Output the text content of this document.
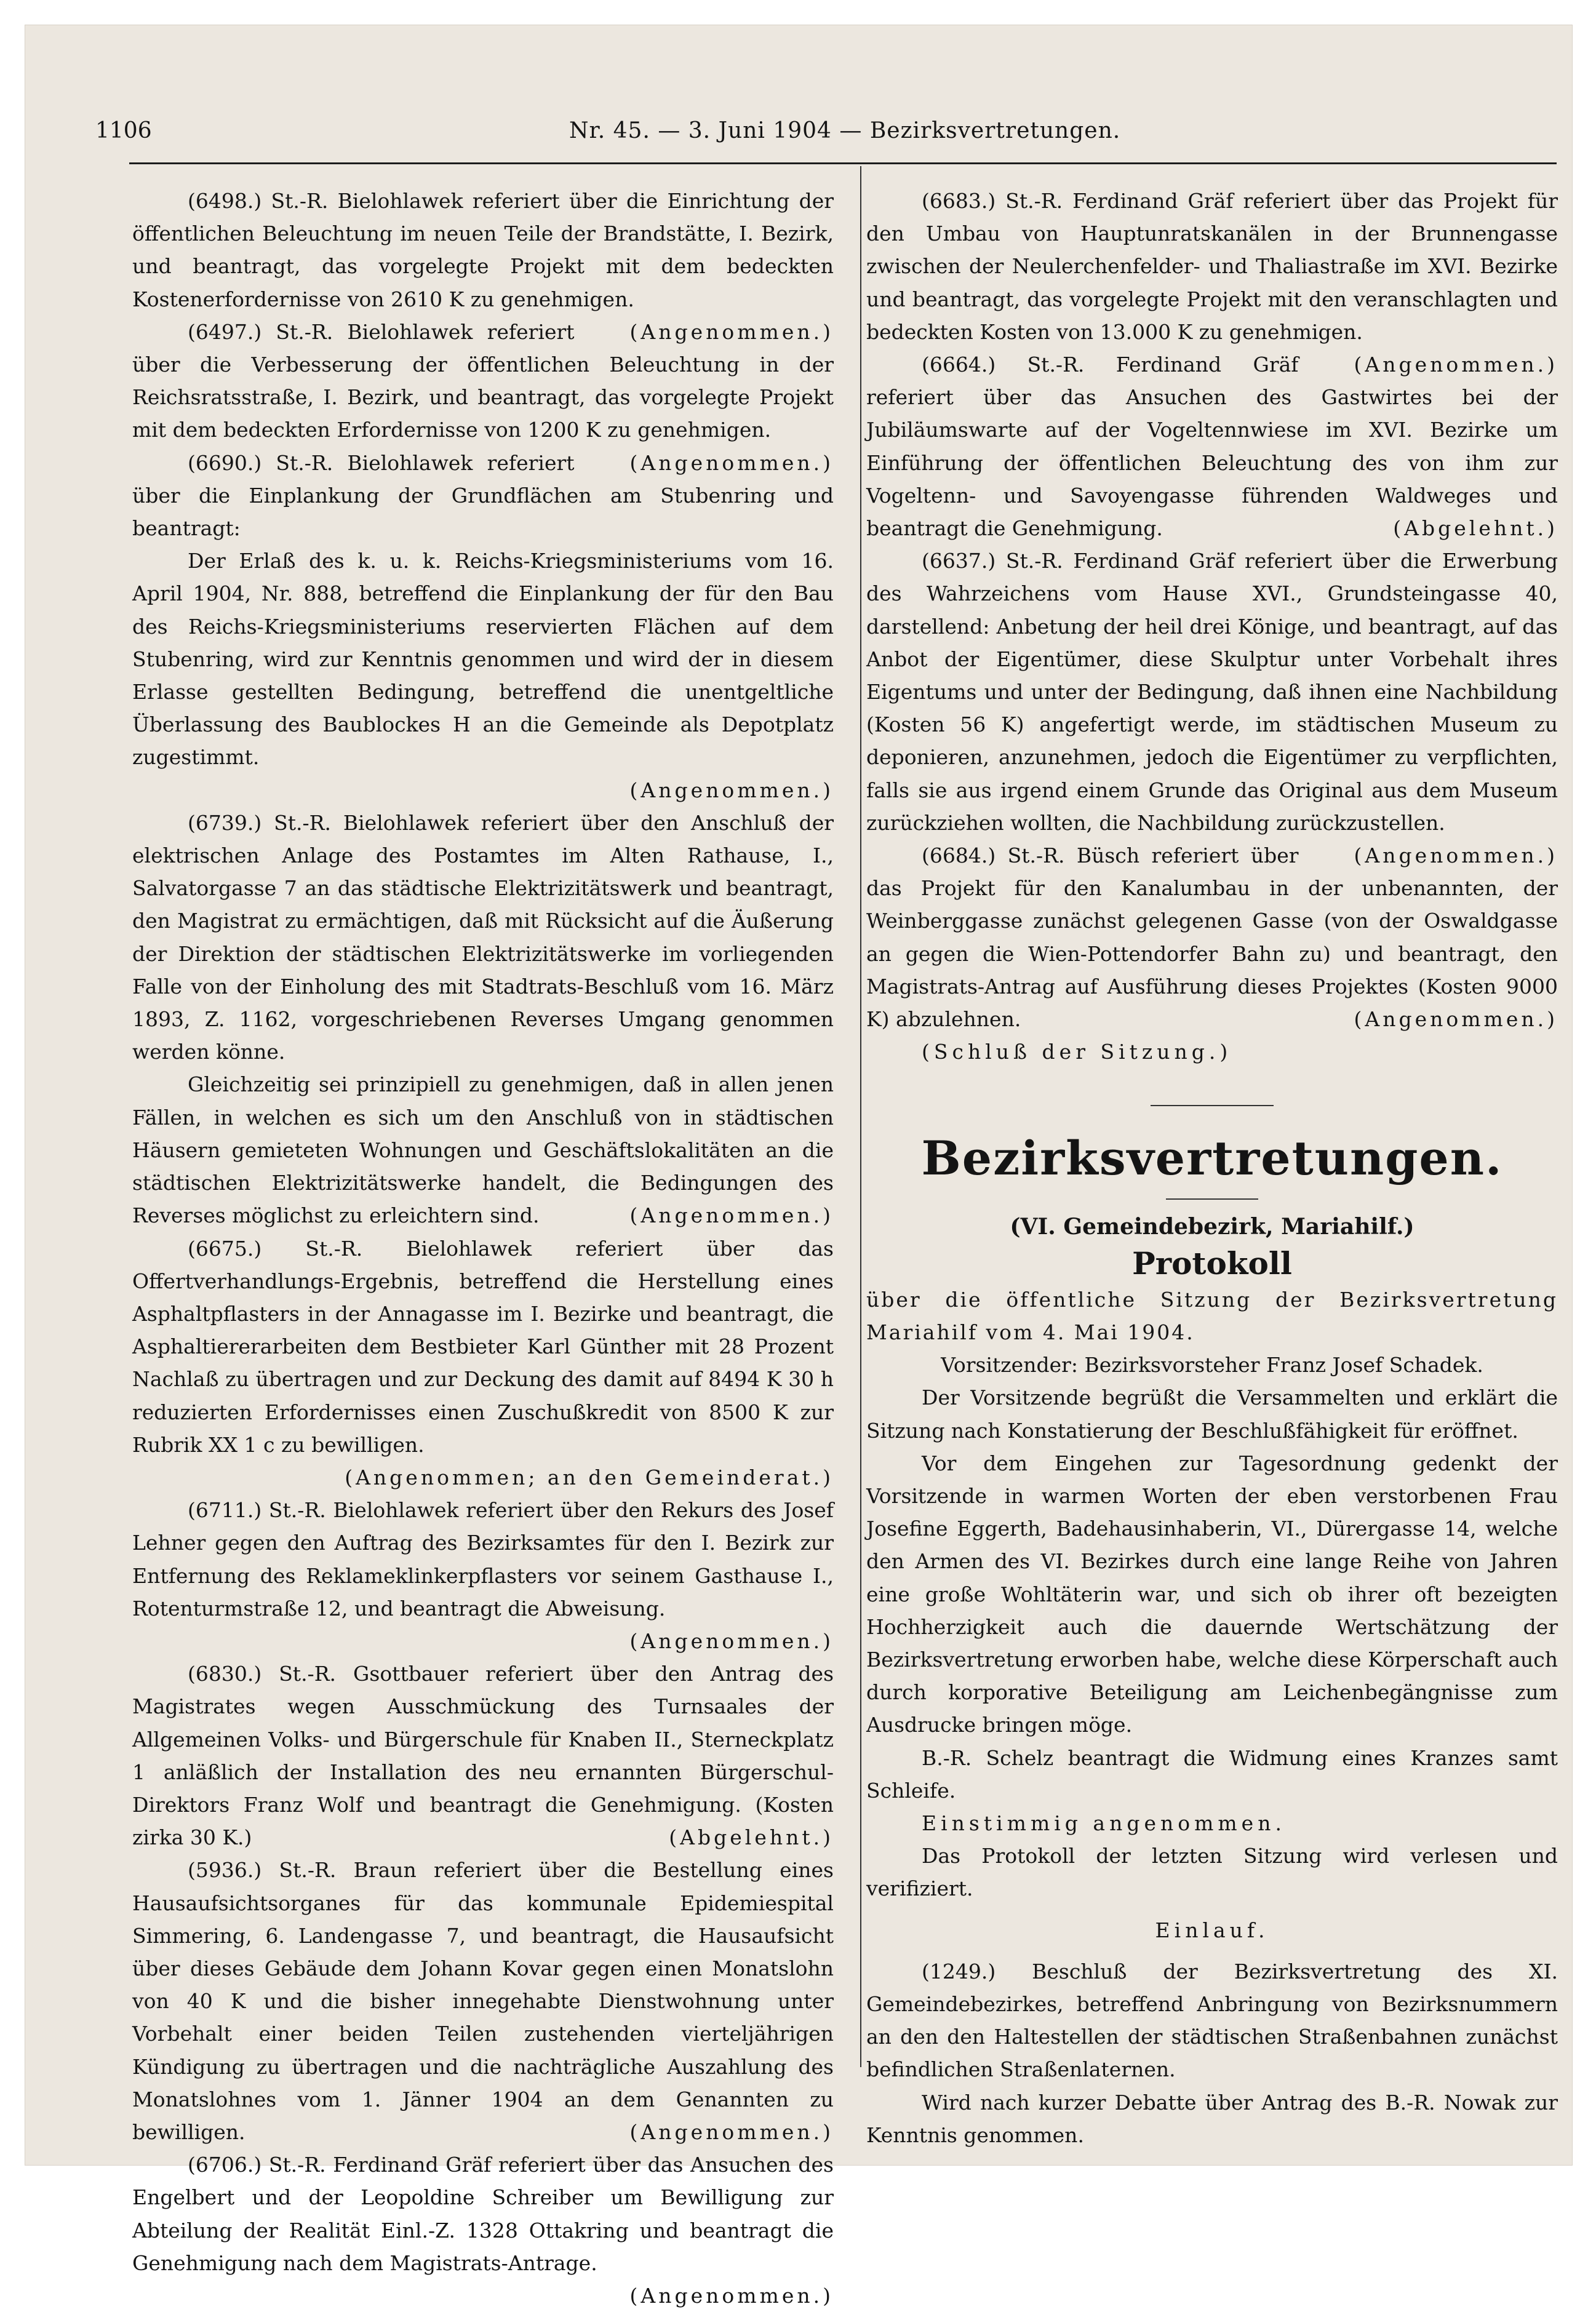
1106	Nr. 45. — 3. Juni 1904 — Bezirksvertretungen.

(6498.) St.-R. Bielohlawek referiert über die Einrichtung der öffentlichen Beleuchtung im neuen Teile der Brandstätte, I. Bezirk, und beantragt, das vorgelegte Projekt mit dem bedeckten Kostenerfordernisse von 2610 K zu genehmigen.
(Angenommen.)

(6497.) St.-R. Bielohlawek referiert über die Verbesserung der öffentlichen Beleuchtung in der Reichsratsstraße, I. Bezirk, und beantragt, das vorgelegte Projekt mit dem bedeckten Erfordernisse von 1200 K zu genehmigen.
(Angenommen.)

(6690.) St.-R. Bielohlawek referiert über die Einplankung der Grundflächen am Stubenring und beantragt:

Der Erlaß des k. u. k. Reichs-Kriegsministeriums vom 16. April 1904, Nr. 888, betreffend die Einplankung der für den Bau des Reichs-Kriegsministeriums reservierten Flächen auf dem Stubenring, wird zur Kenntnis genommen und wird der in diesem Erlasse gestellten Bedingung, betreffend die unentgeltliche Überlassung des Baublockes H an die Gemeinde als Depotplatz zugestimmt.

(Angenommen.)

(6739.) St.-R. Bielohlawek referiert über den Anschluß der elektrischen Anlage des Postamtes im Alten Rathause, I., Salvatorgasse 7 an das städtische Elektrizitätswerk und beantragt, den Magistrat zu ermächtigen, daß mit Rücksicht auf die Äußerung der Direktion der städtischen Elektrizitätswerke im vorliegenden Falle von der Einholung des mit Stadtrats-Beschluß vom 16. März 1893, Z. 1162, vorgeschriebenen Reverses Umgang genommen werden könne.

Gleichzeitig sei prinzipiell zu genehmigen, daß in allen jenen Fällen, in welchen es sich um den Anschluß von in städtischen Häusern gemieteten Wohnungen und Geschäftslokalitäten an die städtischen Elektrizitätswerke handelt, die Bedingungen des Reverses möglichst zu erleichtern sind.	(Angenommen.)

(6675.) St.-R. Bielohlawek referiert über das Offertverhandlungs-Ergebnis, betreffend die Herstellung eines Asphaltpflasters in der Annagasse im I. Bezirke und beantragt, die Asphaltiererarbeiten dem Bestbieter Karl Günther mit 28 Prozent Nachlaß zu übertragen und zur Deckung des damit auf 8494 K 30 h reduzierten Erfordernisses einen Zuschußkredit von 8500 K zur Rubrik XX 1 c zu bewilligen.

(Angenommen; an den Gemeinderat.)

(6711.) St.-R. Bielohlawek referiert über den Rekurs des Josef Lehner gegen den Auftrag des Bezirksamtes für den I. Bezirk zur Entfernung des Reklameklinkerpflasters vor seinem Gasthause I., Rotenturmstraße 12, und beantragt die Abweisung.

(Angenommen.)

(6830.) St.-R. Gsottbauer referiert über den Antrag des Magistrates wegen Ausschmückung des Turnsaales der Allgemeinen Volks- und Bürgerschule für Knaben II., Sterneckplatz 1 anläßlich der Installation des neu ernannten Bürgerschul-Direktors Franz Wolf und beantragt die Genehmigung. (Kosten zirka 30 K.)	(Abgelehnt.)

(5936.) St.-R. Braun referiert über die Bestellung eines Hausaufsichtsorganes für das kommunale Epidemiespital Simmering, 6. Landengasse 7, und beantragt, die Hausaufsicht über dieses Gebäude dem Johann Kovar gegen einen Monatslohn von 40 K und die bisher innegehabte Dienstwohnung unter Vorbehalt einer beiden Teilen zustehenden vierteljährigen Kündigung zu übertragen und die nachträgliche Auszahlung des Monatslohnes vom 1. Jänner 1904 an dem Genannten zu bewilligen.	(Angenommen.)

(6706.) St.-R. Ferdinand Gräf referiert über das Ansuchen des Engelbert und der Leopoldine Schreiber um Bewilligung zur Abteilung der Realität Einl.-Z. 1328 Ottakring und beantragt die Genehmigung nach dem Magistrats-Antrage.
(Angenommen.)

(6683.) St.-R. Ferdinand Gräf referiert über das Projekt für den Umbau von Hauptunratskanälen in der Brunnengasse zwischen der Neulerchenfelder- und Thaliastraße im XVI. Bezirke und beantragt, das vorgelegte Projekt mit den veranschlagten und bedeckten Kosten von 13.000 K zu genehmigen.
(Angenommen.)

(6664.) St.-R. Ferdinand Gräf referiert über das Ansuchen des Gastwirtes bei der Jubiläumswarte auf der Vogeltennwiese im XVI. Bezirke um Einführung der öffentlichen Beleuchtung des von ihm zur Vogeltenn- und Savoyengasse führenden Waldweges und beantragt die Genehmigung.	(Abgelehnt.)

(6637.) St.-R. Ferdinand Gräf referiert über die Erwerbung des Wahrzeichens vom Hause XVI., Grundsteingasse 40, darstellend: Anbetung der heil drei Könige, und beantragt, auf das Anbot der Eigentümer, diese Skulptur unter Vorbehalt ihres Eigentums und unter der Bedingung, daß ihnen eine Nachbildung (Kosten 56 K) angefertigt werde, im städtischen Museum zu deponieren, anzunehmen, jedoch die Eigentümer zu verpflichten, falls sie aus irgend einem Grunde das Original aus dem Museum zurückziehen wollten, die Nachbildung zurückzustellen.
(Angenommen.)

(6684.) St.-R. Büsch referiert über das Projekt für den Kanalumbau in der unbenannten, der Weinberggasse zunächst gelegenen Gasse (von der Oswaldgasse an gegen die Wien-Pottendorfer Bahn zu) und beantragt, den Magistrats-Antrag auf Ausführung dieses Projektes (Kosten 9000 K) abzulehnen.	(Angenommen.)

(Schluß der Sitzung.)

Bezirksvertretungen.

(VI. Gemeindebezirk, Mariahilf.)

Protokoll

über die öffentliche Sitzung der Bezirksvertretung Mariahilf vom 4. Mai 1904.

Vorsitzender: Bezirksvorsteher Franz Josef Schadek.

Der Vorsitzende begrüßt die Versammelten und erklärt die Sitzung nach Konstatierung der Beschlußfähigkeit für eröffnet.

Vor dem Eingehen zur Tagesordnung gedenkt der Vorsitzende in warmen Worten der eben verstorbenen Frau Josefine Eggerth, Badehausinhaberin, VI., Dürergasse 14, welche den Armen des VI. Bezirkes durch eine lange Reihe von Jahren eine große Wohltäterin war, und sich ob ihrer oft bezeigten Hochherzigkeit auch die dauernde Wertschätzung der Bezirksvertretung erworben habe, welche diese Körperschaft auch durch korporative Beteiligung am Leichenbegängnisse zum Ausdrucke bringen möge.

B.-R. Schelz beantragt die Widmung eines Kranzes samt Schleife.

Einstimmig angenommen.

Das Protokoll der letzten Sitzung wird verlesen und verifiziert.

Einlauf.

(1249.) Beschluß der Bezirksvertretung des XI. Gemeindebezirkes, betreffend Anbringung von Bezirksnummern an den den Haltestellen der städtischen Straßenbahnen zunächst befindlichen Straßenlaternen.

Wird nach kurzer Debatte über Antrag des B.-R. Nowak zur Kenntnis genommen.
